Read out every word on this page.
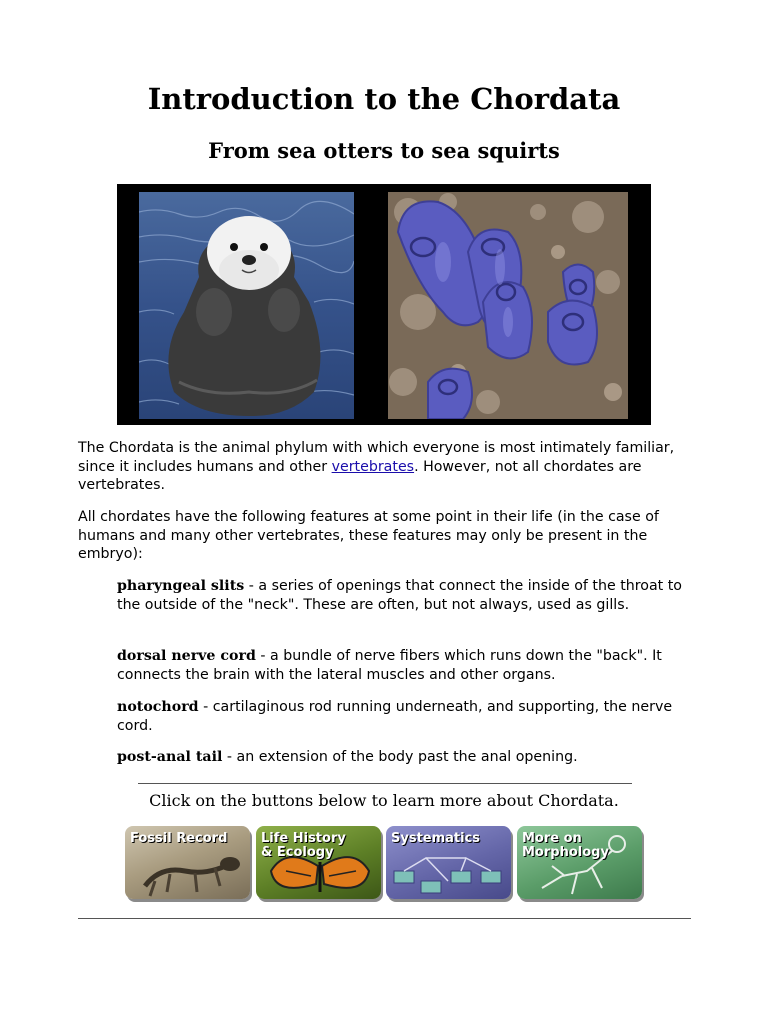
Introduction to the Chordata
From sea otters to sea squirts

The Chordata is the animal phylum with which everyone is most intimately familiar, since it includes humans and other vertebrates. However, not all chordates are vertebrates.

All chordates have the following features at some point in their life (in the case of humans and many other vertebrates, these features may only be present in the embryo):

pharyngeal slits - a series of openings that connect the inside of the throat to the outside of the "neck". These are often, but not always, used as gills.

dorsal nerve cord - a bundle of nerve fibers which runs down the "back". It connects the brain with the lateral muscles and other organs.

notochord - cartilaginous rod running underneath, and supporting, the nerve cord.

post-anal tail - an extension of the body past the anal opening.

Click on the buttons below to learn more about Chordata.

Fossil Record	Life History
& Ecology
Systematics	More on
Morphology
